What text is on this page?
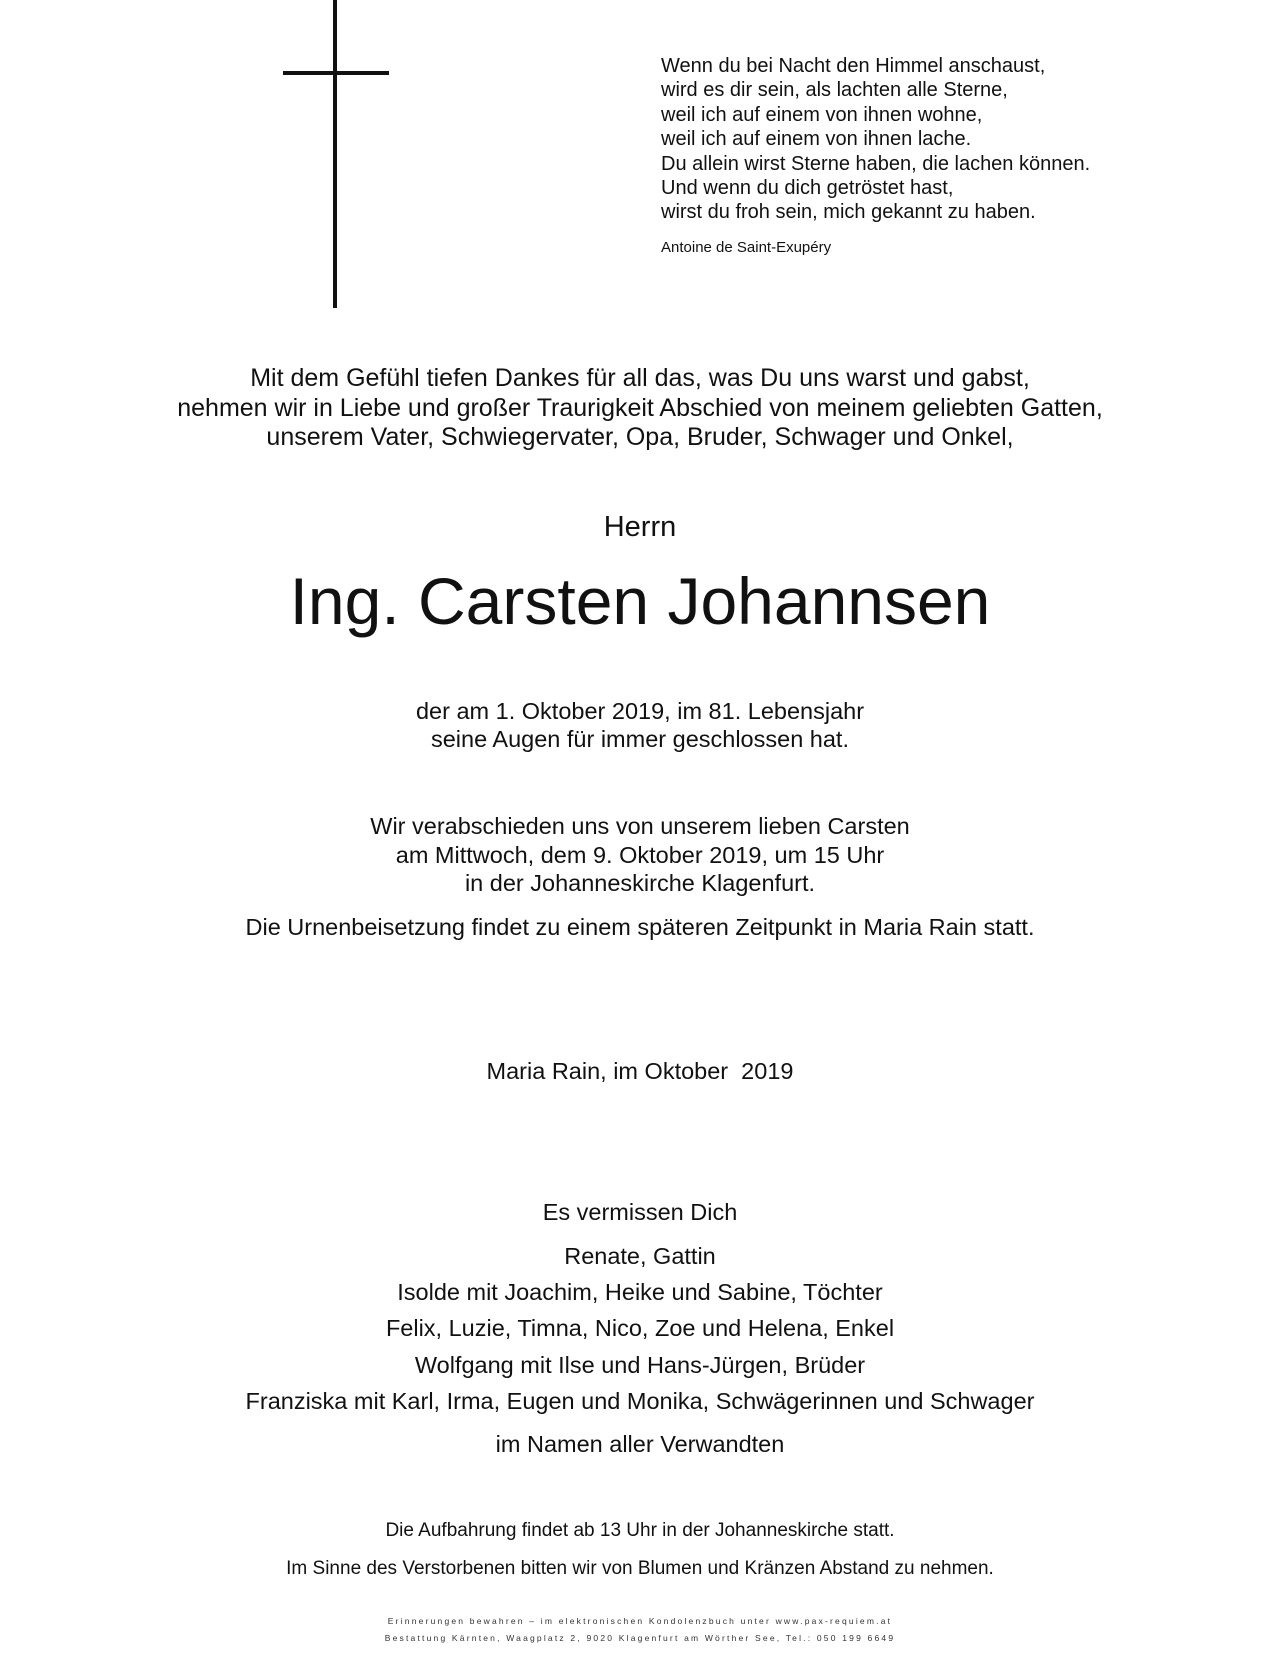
Wenn du bei Nacht den Himmel anschaust,
wird es dir sein, als lachten alle Sterne,
weil ich auf einem von ihnen wohne,
weil ich auf einem von ihnen lache.
Du allein wirst Sterne haben, die lachen können.
Und wenn du dich getröstet hast,
wirst du froh sein, mich gekannt zu haben.
Antoine de Saint-Exupéry
Mit dem Gefühl tiefen Dankes für all das, was Du uns warst und gabst,
nehmen wir in Liebe und großer Traurigkeit Abschied von meinem geliebten Gatten,
unserem Vater, Schwiegervater, Opa, Bruder, Schwager und Onkel,
Herrn
Ing. Carsten Johannsen
der am 1. Oktober 2019, im 81. Lebensjahr
seine Augen für immer geschlossen hat.
Wir verabschieden uns von unserem lieben Carsten
am Mittwoch, dem 9. Oktober 2019, um 15 Uhr
in der Johanneskirche Klagenfurt.
Die Urnenbeisetzung findet zu einem späteren Zeitpunkt in Maria Rain statt.
Maria Rain, im Oktober  2019
Es vermissen Dich
Renate, Gattin
Isolde mit Joachim, Heike und Sabine, Töchter
Felix, Luzie, Timna, Nico, Zoe und Helena, Enkel
Wolfgang mit Ilse und Hans-Jürgen, Brüder
Franziska mit Karl, Irma, Eugen und Monika, Schwägerinnen und Schwager
im Namen aller Verwandten
Die Aufbahrung findet ab 13 Uhr in der Johanneskirche statt.
Im Sinne des Verstorbenen bitten wir von Blumen und Kränzen Abstand zu nehmen.
Erinnerungen bewahren – im elektronischen Kondolenzbuch unter www.pax-requiem.at
Bestattung Kärnten, Waagplatz 2, 9020 Klagenfurt am Wörther See, Tel.: 050 199 6649
